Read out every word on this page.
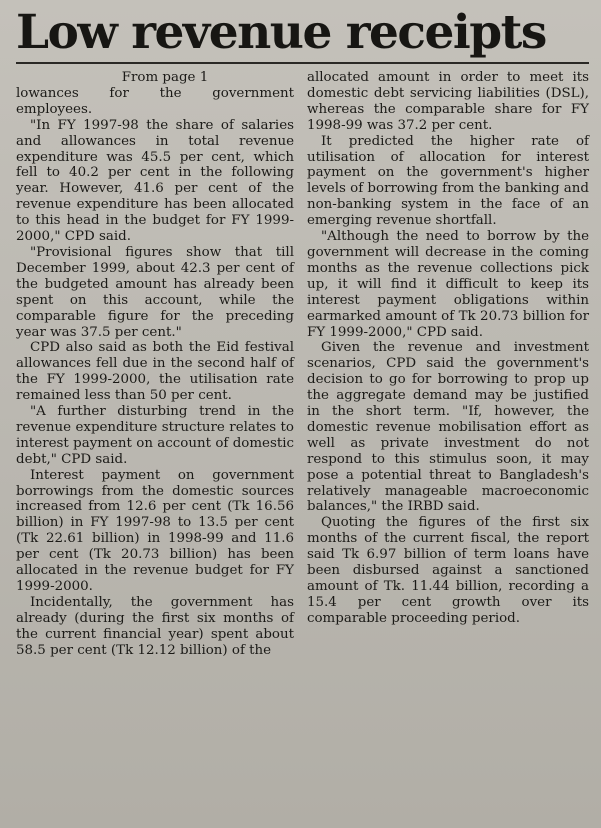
Low revenue receipts

From page 1

lowances for the government employees.

"In FY 1997-98 the share of salaries and allowances in total revenue expenditure was 45.5 per cent, which fell to 40.2 per cent in the following year. However, 41.6 per cent of the revenue expenditure has been allocated to this head in the budget for FY 1999-2000," CPD said.

"Provisional figures show that till December 1999, about 42.3 per cent of the budgeted amount has already been spent on this account, while the comparable figure for the preceding year was 37.5 per cent."

CPD also said as both the Eid festival allowances fell due in the second half of the FY 1999-2000, the utilisation rate remained less than 50 per cent.

"A further disturbing trend in the revenue expenditure structure relates to interest payment on account of domestic debt," CPD said.

Interest payment on government borrowings from the domestic sources increased from 12.6 per cent (Tk 16.56 billion) in FY 1997-98 to 13.5 per cent (Tk 22.61 billion) in 1998-99 and 11.6 per cent (Tk 20.73 billion) has been allocated in the revenue budget for FY 1999-2000.

Incidentally, the government has already (during the first six months of the current financial year) spent about 58.5 per cent (Tk 12.12 billion) of the

allocated amount in order to meet its domestic debt servicing liabilities (DSL), whereas the comparable share for FY 1998-99 was 37.2 per cent.

It predicted the higher rate of utilisation of allocation for interest payment on the government's higher levels of borrowing from the banking and non-banking system in the face of an emerging revenue shortfall.

"Although the need to borrow by the government will decrease in the coming months as the revenue collections pick up, it will find it difficult to keep its interest payment obligations within earmarked amount of Tk 20.73 billion for FY 1999-2000," CPD said.

Given the revenue and investment scenarios, CPD said the government's decision to go for borrowing to prop up the aggregate demand may be justified in the short term. "If, however, the domestic revenue mobilisation effort as well as private investment do not respond to this stimulus soon, it may pose a potential threat to Bangladesh's relatively manageable macroeconomic balances," the IRBD said.

Quoting the figures of the first six months of the current fiscal, the report said Tk 6.97 billion of term loans have been disbursed against a sanctioned amount of Tk. 11.44 billion, recording a 15.4 per cent growth over its comparable proceeding period.
